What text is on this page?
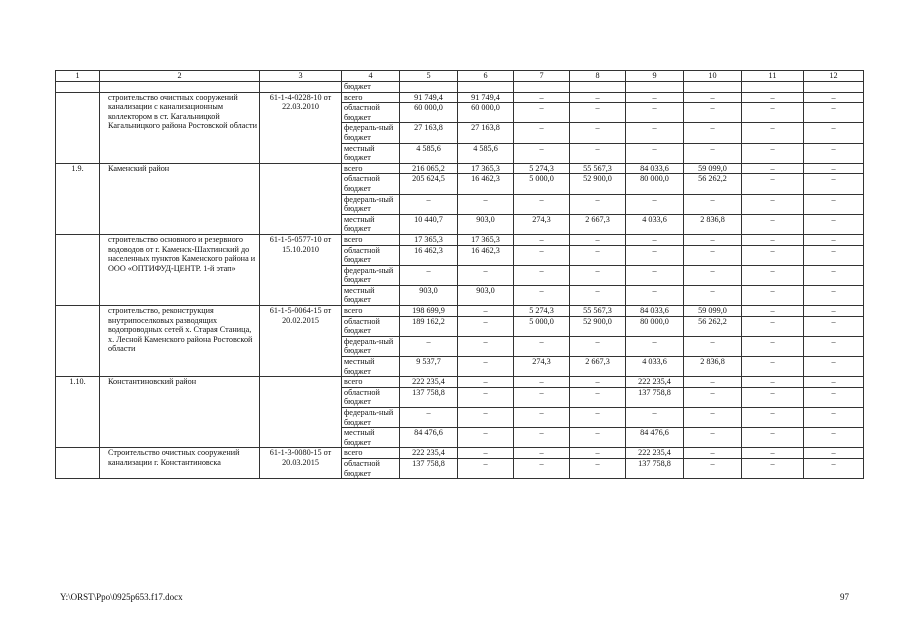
1	2	3	4	5	6	7	8	9	10	11	12
			бюджет								
	строительство очистных сооружений канализации с канализационным коллектором в ст. Кагальницкой Кагальницкого района Ростовской области	61-1-4-0228-10 от 22.03.2010	всего	91 749,4	91 749,4	–	–	–	–	–	–
			областной бюджет	60 000,0	60 000,0	–	–	–	–	–	–
			федераль-ный бюджет	27 163,8	27 163,8	–	–	–	–	–	–
			местный бюджет	4 585,6	4 585,6	–	–	–	–	–	–
1.9.	Каменский район		всего	216 065,2	17 365,3	5 274,3	55 567,3	84 033,6	59 099,0	–	–
			областной бюджет	205 624,5	16 462,3	5 000,0	52 900,0	80 000,0	56 262,2	–	–
			федераль-ный бюджет	–	–	–	–	–	–	–	–
			местный бюджет	10 440,7	903,0	274,3	2 667,3	4 033,6	2 836,8	–	–
	строительство основного и резервного водоводов от г. Каменск-Шахтинский до населенных пунктов Каменского района и ООО «ОПТИФУД-ЦЕНТР. 1-й этап»	61-1-5-0577-10 от 15.10.2010	всего	17 365,3	17 365,3	–	–	–	–	–	–
			областной бюджет	16 462,3	16 462,3	–	–	–	–	–	–
			федераль-ный бюджет	–	–	–	–	–	–	–	–
			местный бюджет	903,0	903,0	–	–	–	–	–	–
	строительство, реконструкция внутрипоселковых разводящих водопроводных сетей х. Старая Станица, х. Лесной Каменского района Ростовской области	61-1-5-0064-15 от 20.02.2015	всего	198 699,9	–	5 274,3	55 567,3	84 033,6	59 099,0	–	–
			областной бюджет	189 162,2	–	5 000,0	52 900,0	80 000,0	56 262,2	–	–
			федераль-ный бюджет	–	–	–	–	–	–	–	–
			местный бюджет	9 537,7	–	274,3	2 667,3	4 033,6	2 836,8	–	–
1.10.	Константиновский район		всего	222 235,4	–	–	–	222 235,4	–	–	–
			областной бюджет	137 758,8	–	–	–	137 758,8	–	–	–
			федераль-ный бюджет	–	–	–	–	–	–	–	–
			местный бюджет	84 476,6	–	–	–	84 476,6	–	–	–
	Строительство очистных сооружений канализации г. Константиновска	61-1-3-0080-15 от 20.03.2015	всего	222 235,4	–	–	–	222 235,4	–	–	–
			областной бюджет	137 758,8	–	–	–	137 758,8	–	–	–
Y:\ORST\Ppo\0925p653.f17.docx	97
